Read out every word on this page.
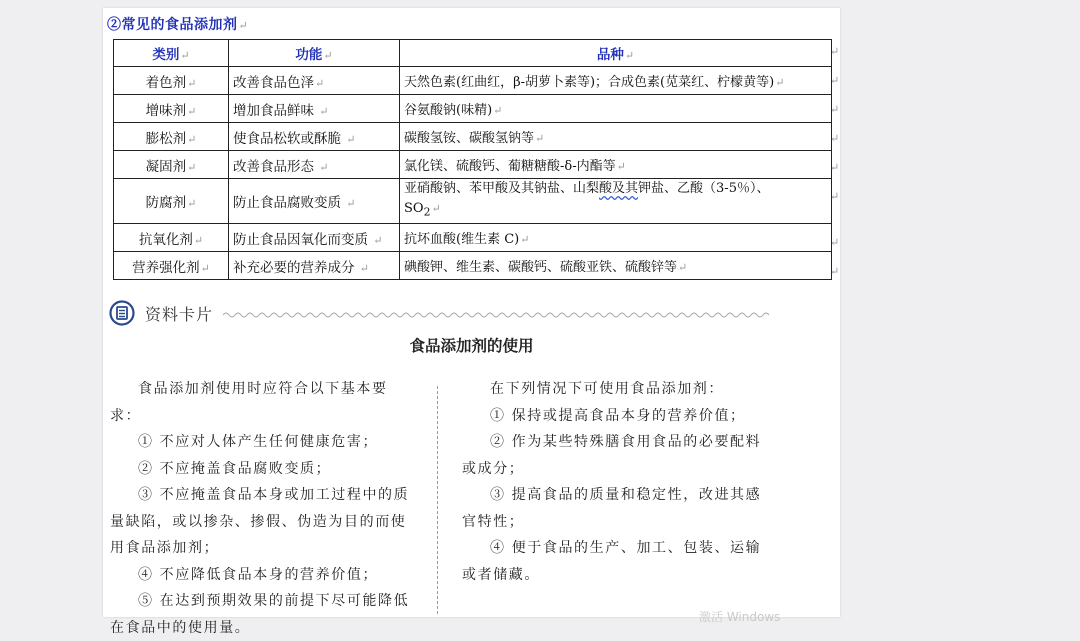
②常见的食品添加剂↵
类别↵	功能↵	品种↵
着色剂↵	改善食品色泽↵	天然色素(红曲红，β-胡萝卜素等)；合成色素(苋菜红、柠檬黄等)↵
增味剂↵	增加食品鲜味 ↵	谷氨酸钠(味精)↵
膨松剂↵	使食品松软或酥脆 ↵	碳酸氢铵、碳酸氢钠等↵
凝固剂↵	改善食品形态 ↵	氯化镁、硫酸钙、葡糖糖酸-δ-内酯等↵
防腐剂↵	防止食品腐败变质 ↵	亚硝酸钠、苯甲酸及其钠盐、山梨酸及其钾盐、乙酸（3-5％）、
$SO_2↵$

抗氧化剂↵	防止食品因氧化而变质 ↵	抗坏血酸(维生素 C)↵
营养强化剂↵	补充必要的营养成分 ↵	碘酸钾、维生素、碳酸钙、硫酸亚铁、硫酸锌等↵
↵
↵
↵
↵
↵
↵
↵
↵
资料卡片
食品添加剂的使用

食品添加剂使用时应符合以下基本要求：

① 不应对人体产生任何健康危害；

② 不应掩盖食品腐败变质；

③ 不应掩盖食品本身或加工过程中的质量缺陷，或以掺杂、掺假、伪造为目的而使用食品添加剂；

④ 不应降低食品本身的营养价值；

⑤ 在达到预期效果的前提下尽可能降低在食品中的使用量。

在下列情况下可使用食品添加剂：

① 保持或提高食品本身的营养价值；

② 作为某些特殊膳食用食品的必要配料或成分；

③ 提高食品的质量和稳定性，改进其感官特性；

④ 便于食品的生产、加工、包装、运输或者储藏。

激活 Windows
